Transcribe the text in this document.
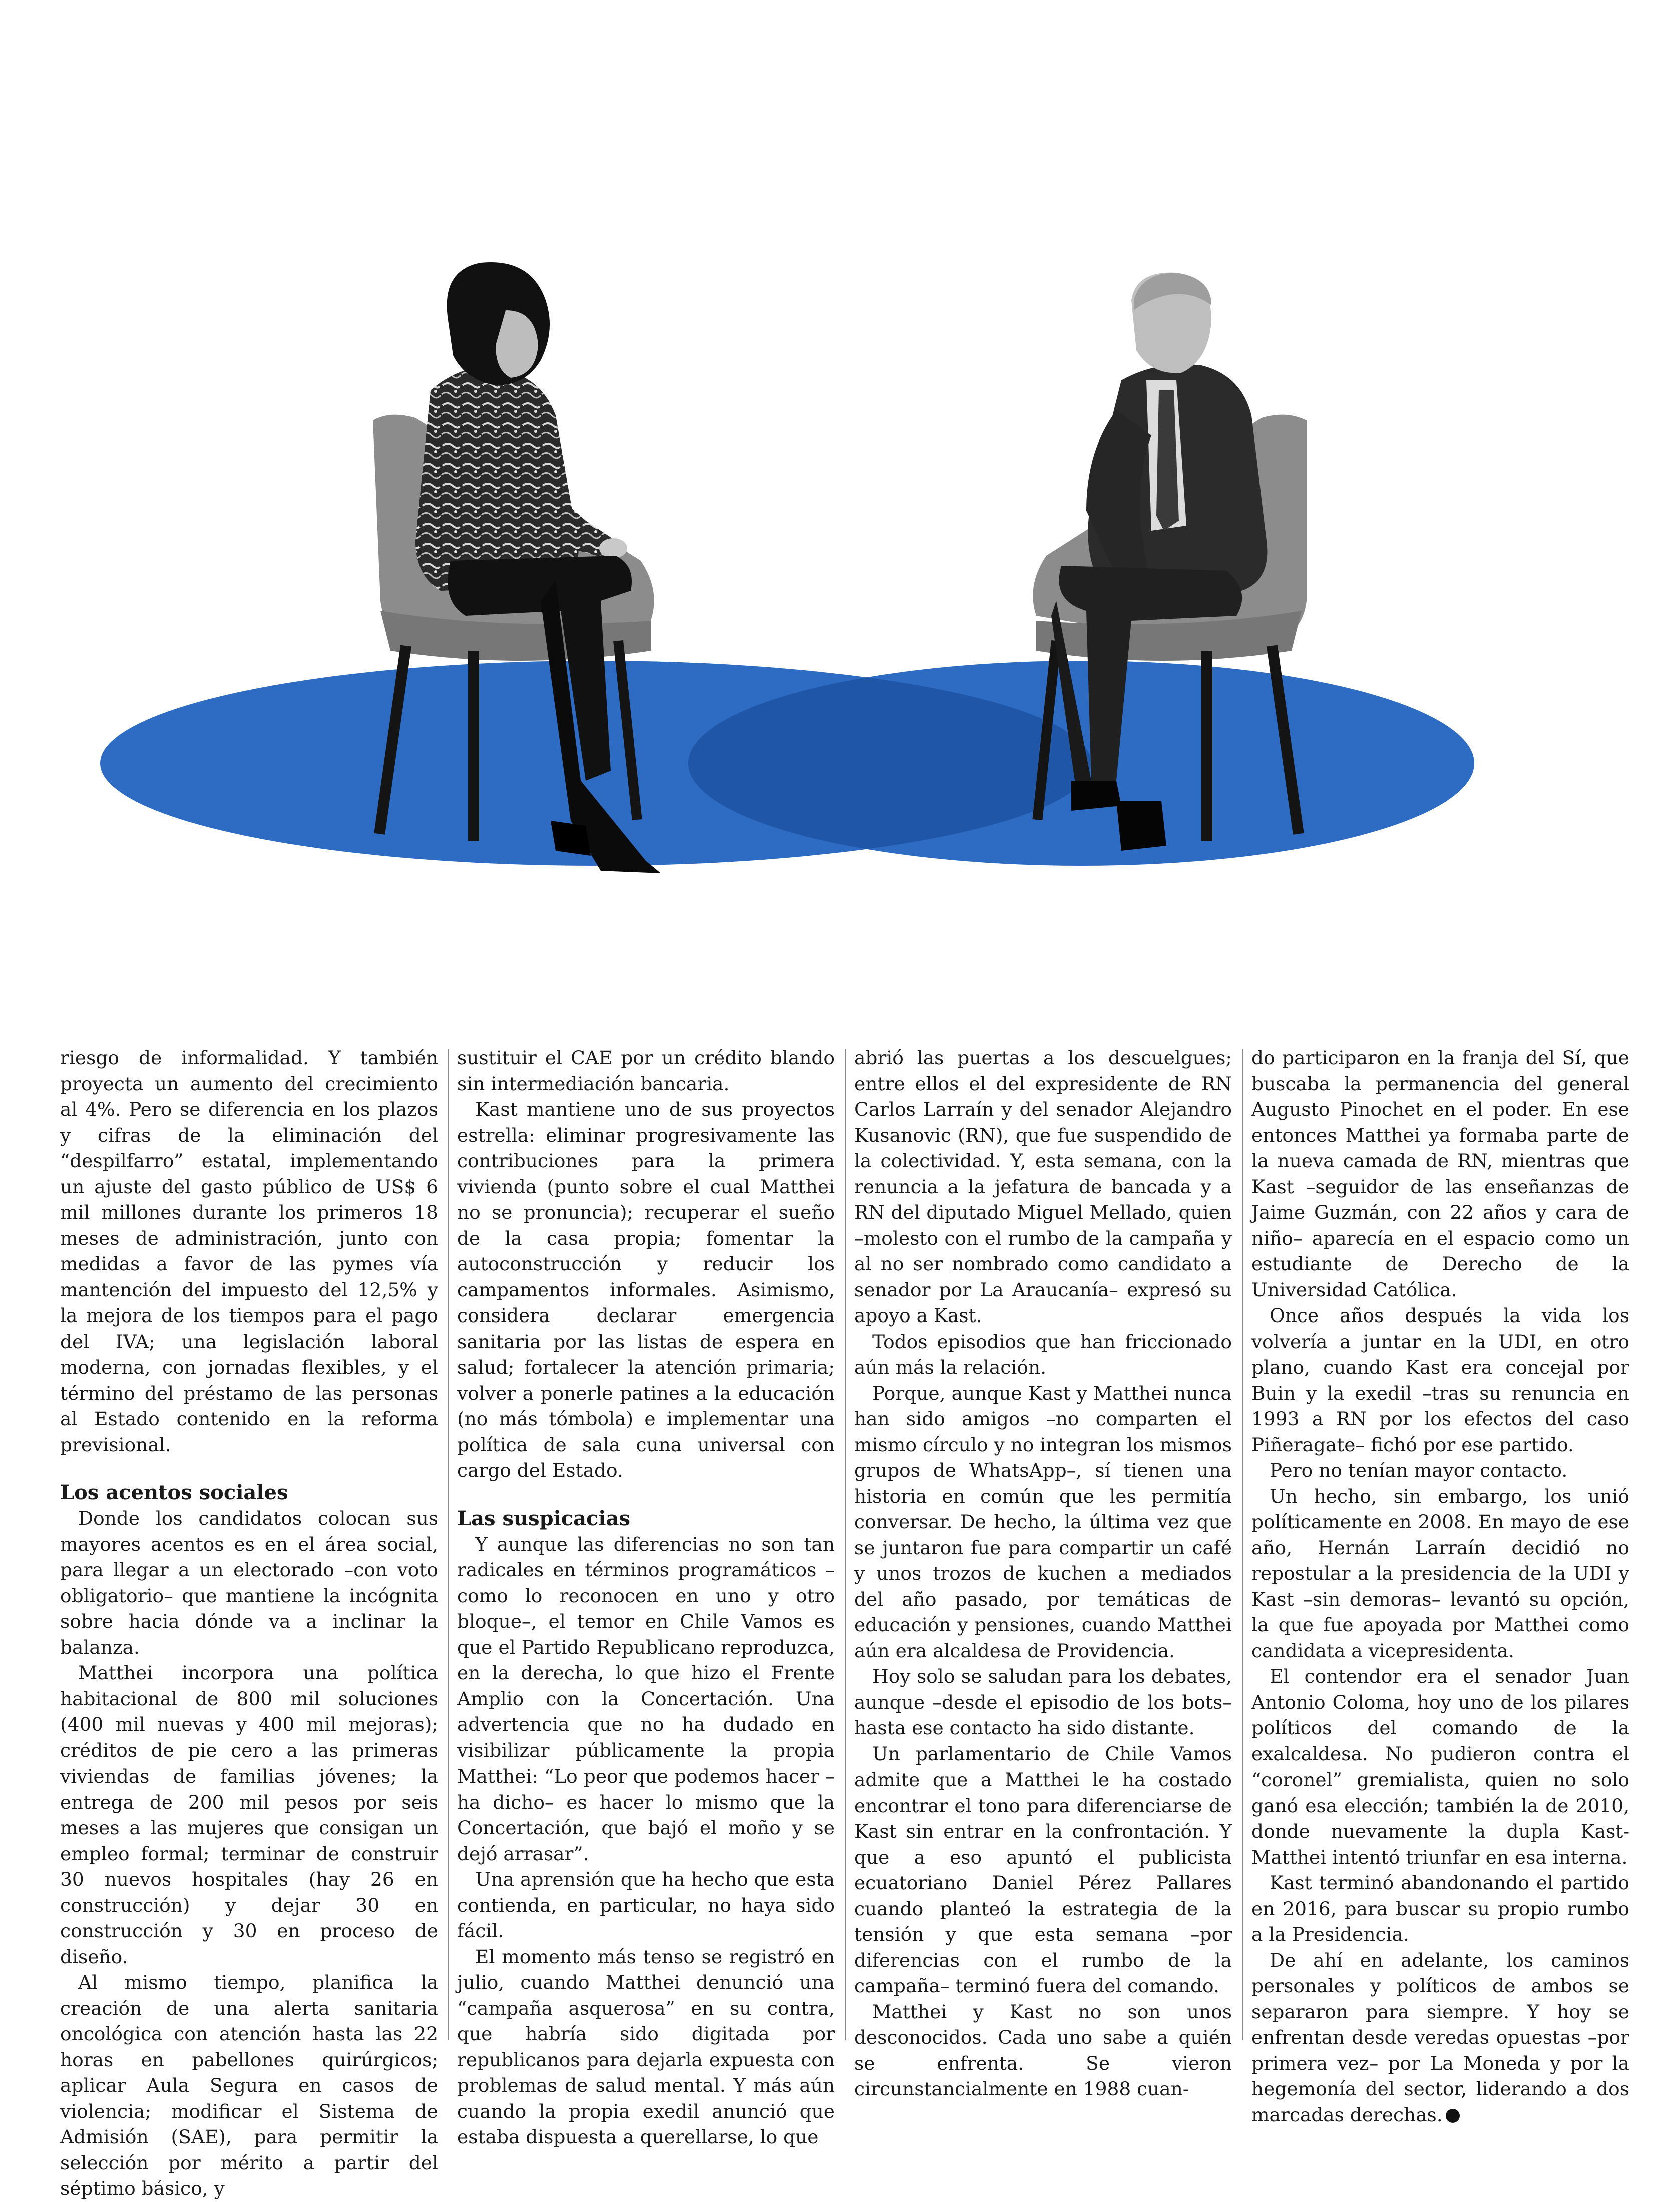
riesgo de informalidad. Y también proyecta un aumento del crecimiento al 4%. Pero se diferencia en los plazos y cifras de la eliminación del “despilfarro” estatal, implementando un ajuste del gasto público de US$ 6 mil millones durante los primeros 18 meses de administración, junto con medidas a favor de las pymes vía mantención del impuesto del 12,5% y la mejora de los tiempos para el pago del IVA; una legislación laboral moderna, con jornadas flexibles, y el término del préstamo de las personas al Estado contenido en la reforma previsional.

Los acentos sociales

Donde los candidatos colocan sus mayores acentos es en el área social, para llegar a un electorado –con voto obligatorio– que mantiene la incógnita sobre hacia dónde va a inclinar la balanza.

Matthei incorpora una política habitacional de 800 mil soluciones (400 mil nuevas y 400 mil mejoras); créditos de pie cero a las primeras viviendas de familias jóvenes; la entrega de 200 mil pesos por seis meses a las mujeres que consigan un empleo formal; terminar de construir 30 nuevos hospitales (hay 26 en construcción) y dejar 30 en construcción y 30 en proceso de diseño.

Al mismo tiempo, planifica la creación de una alerta sanitaria oncológica con atención hasta las 22 horas en pabellones quirúrgicos; aplicar Aula Segura en casos de violencia; modificar el Sistema de Admisión (SAE), para permitir la selección por mérito a partir del séptimo básico, y

sustituir el CAE por un crédito blando sin intermediación bancaria.

Kast mantiene uno de sus proyectos estrella: eliminar progresivamente las contribuciones para la primera vivienda (punto sobre el cual Matthei no se pronuncia); recuperar el sueño de la casa propia; fomentar la autoconstrucción y reducir los campamentos informales. Asimismo, considera declarar emergencia sanitaria por las listas de espera en salud; fortalecer la atención primaria; volver a ponerle patines a la educación (no más tómbola) e implementar una política de sala cuna universal con cargo del Estado.

Las suspicacias

Y aunque las diferencias no son tan radicales en términos programáticos –como lo reconocen en uno y otro bloque–, el temor en Chile Vamos es que el Partido Republicano reproduzca, en la derecha, lo que hizo el Frente Amplio con la Concertación. Una advertencia que no ha dudado en visibilizar públicamente la propia Matthei: “Lo peor que podemos hacer –ha dicho– es hacer lo mismo que la Concertación, que bajó el moño y se dejó arrasar”.

Una aprensión que ha hecho que esta contienda, en particular, no haya sido fácil.

El momento más tenso se registró en julio, cuando Matthei denunció una “campaña asquerosa” en su contra, que habría sido digitada por republicanos para dejarla expuesta con problemas de salud mental. Y más aún cuando la propia exedil anunció que estaba dispuesta a querellarse, lo que

abrió las puertas a los descuelgues; entre ellos el del expresidente de RN Carlos Larraín y del senador Alejandro Kusanovic (RN), que fue suspendido de la colectividad. Y, esta semana, con la renuncia a la jefatura de bancada y a RN del diputado Miguel Mellado, quien –molesto con el rumbo de la campaña y al no ser nombrado como candidato a senador por La Araucanía– expresó su apoyo a Kast.

Todos episodios que han friccionado aún más la relación.

Porque, aunque Kast y Matthei nunca han sido amigos –no comparten el mismo círculo y no integran los mismos grupos de WhatsApp–, sí tienen una historia en común que les permitía conversar. De hecho, la última vez que se juntaron fue para compartir un café y unos trozos de kuchen a mediados del año pasado, por temáticas de educación y pensiones, cuando Matthei aún era alcaldesa de Providencia.

Hoy solo se saludan para los debates, aunque –desde el episodio de los bots– hasta ese contacto ha sido distante.

Un parlamentario de Chile Vamos admite que a Matthei le ha costado encontrar el tono para diferenciarse de Kast sin entrar en la confrontación. Y que a eso apuntó el publicista ecuatoriano Daniel Pérez Pallares cuando planteó la estrategia de la tensión y que esta semana –por diferencias con el rumbo de la campaña– terminó fuera del comando.

Matthei y Kast no son unos desconocidos. Cada uno sabe a quién se enfrenta. Se vieron circunstancialmente en 1988 cuan-

do participaron en la franja del Sí, que buscaba la permanencia del general Augusto Pinochet en el poder. En ese entonces Matthei ya formaba parte de la nueva camada de RN, mientras que Kast –seguidor de las enseñanzas de Jaime Guzmán, con 22 años y cara de niño– aparecía en el espacio como un estudiante de Derecho de la Universidad Católica.

Once años después la vida los volvería a juntar en la UDI, en otro plano, cuando Kast era concejal por Buin y la exedil –tras su renuncia en 1993 a RN por los efectos del caso Piñeragate– fichó por ese partido.

Pero no tenían mayor contacto.

Un hecho, sin embargo, los unió políticamente en 2008. En mayo de ese año, Hernán Larraín decidió no repostular a la presidencia de la UDI y Kast –sin demoras– levantó su opción, la que fue apoyada por Matthei como candidata a vicepresidenta.

El contendor era el senador Juan Antonio Coloma, hoy uno de los pilares políticos del comando de la exalcaldesa. No pudieron contra el “coronel” gremialista, quien no solo ganó esa elección; también la de 2010, donde nuevamente la dupla Kast-Matthei intentó triunfar en esa interna.

Kast terminó abandonando el partido en 2016, para buscar su propio rumbo a la Presidencia.

De ahí en adelante, los caminos personales y políticos de ambos se separaron para siempre. Y hoy se enfrentan desde veredas opuestas –por primera vez– por La Moneda y por la hegemonía del sector, liderando a dos marcadas derechas.
